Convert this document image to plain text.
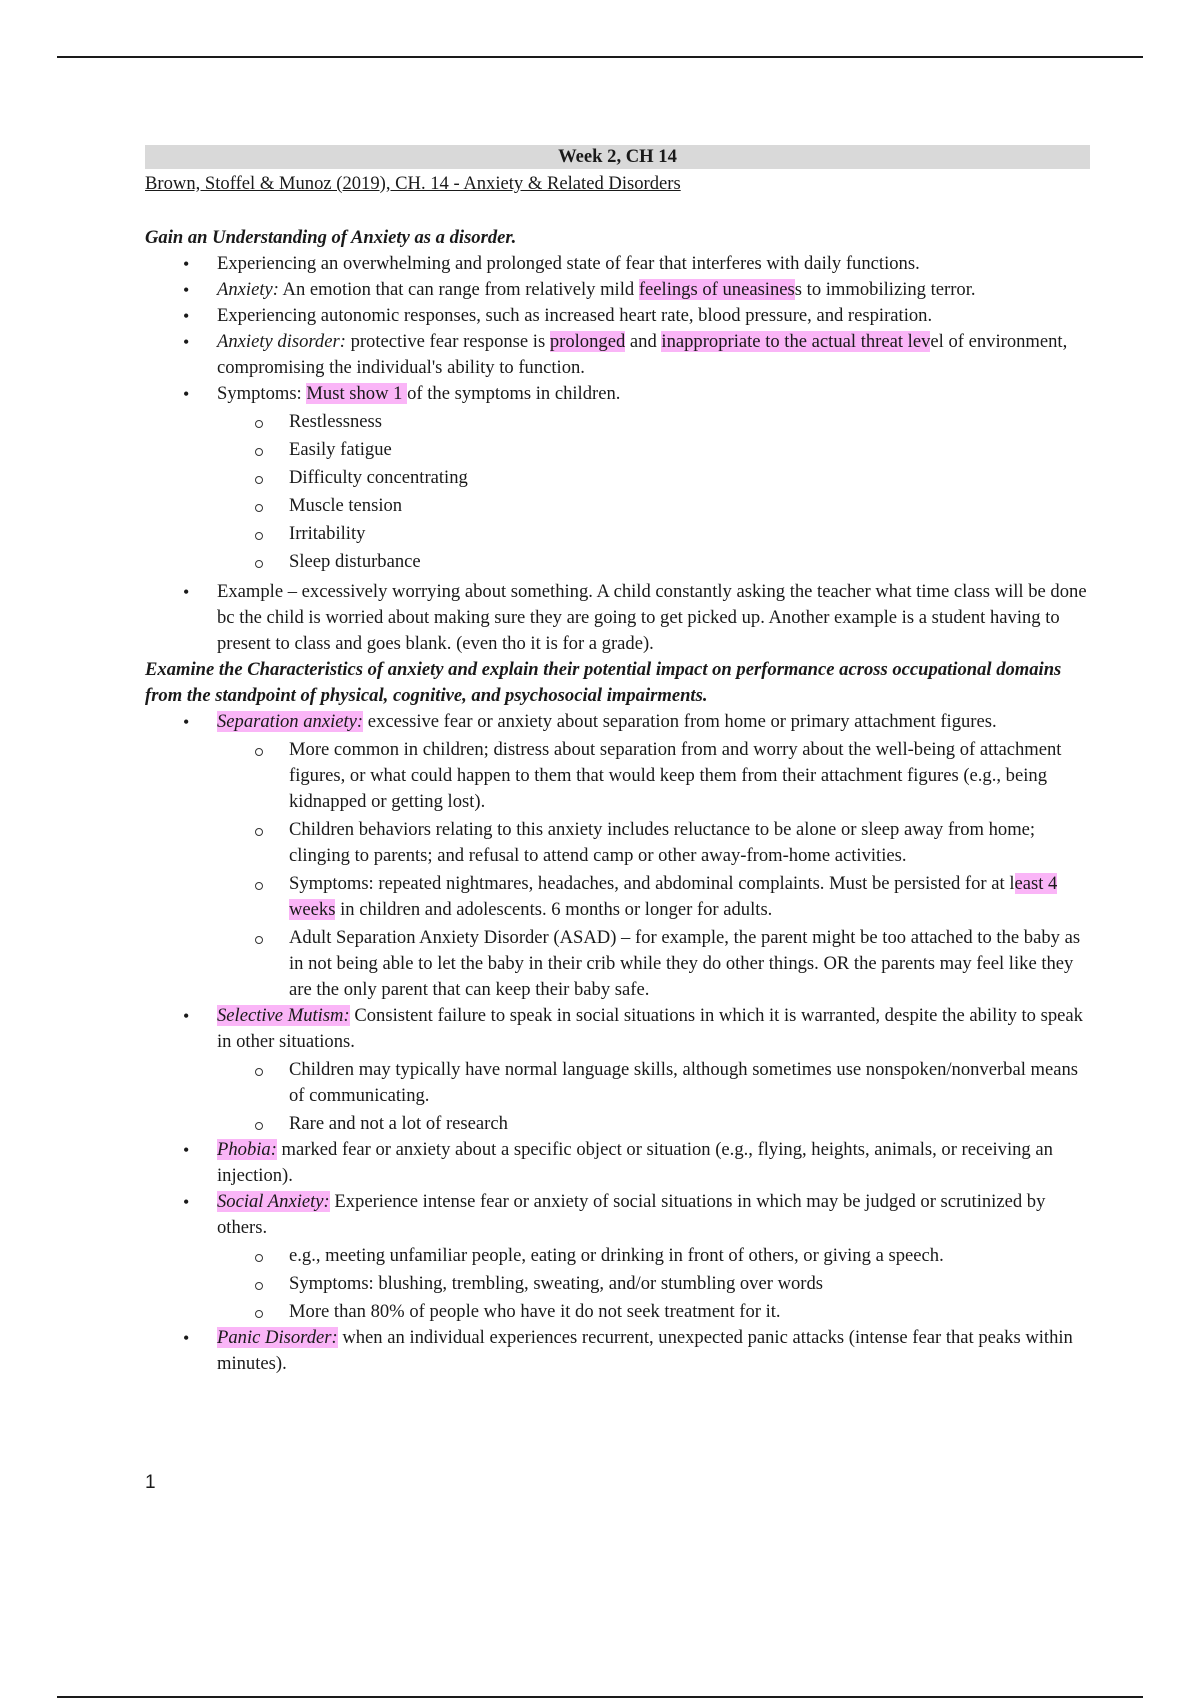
Week 2, CH 14
Brown, Stoffel & Munoz (2019), CH. 14 - Anxiety & Related Disorders
Gain an Understanding of Anxiety as a disorder.
• Experiencing an overwhelming and prolonged state of fear that interferes with daily functions.
• Anxiety: An emotion that can range from relatively mild feelings of uneasiness to immobilizing terror.
• Experiencing autonomic responses, such as increased heart rate, blood pressure, and respiration.
• Anxiety disorder: protective fear response is prolonged and inappropriate to the actual threat level of environment, compromising the individual's ability to function.
• Symptoms: Must show 1 of the symptoms in children.
Restlessness
Easily fatigue
Difficulty concentrating
Muscle tension
Irritability
Sleep disturbance
• Example – excessively worrying about something. A child constantly asking the teacher what time class will be done bc the child is worried about making sure they are going to get picked up. Another example is a student having to present to class and goes blank. (even tho it is for a grade).
Examine the Characteristics of anxiety and explain their potential impact on performance across occupational domains from the standpoint of physical, cognitive, and psychosocial impairments.
• Separation anxiety: excessive fear or anxiety about separation from home or primary attachment figures.
More common in children; distress about separation from and worry about the well-being of attachment figures, or what could happen to them that would keep them from their attachment figures (e.g., being kidnapped or getting lost).
Children behaviors relating to this anxiety includes reluctance to be alone or sleep away from home; clinging to parents; and refusal to attend camp or other away-from-home activities.
Symptoms: repeated nightmares, headaches, and abdominal complaints. Must be persisted for at least 4 weeks in children and adolescents. 6 months or longer for adults.
Adult Separation Anxiety Disorder (ASAD) – for example, the parent might be too attached to the baby as in not being able to let the baby in their crib while they do other things. OR the parents may feel like they are the only parent that can keep their baby safe.
• Selective Mutism: Consistent failure to speak in social situations in which it is warranted, despite the ability to speak in other situations.
Children may typically have normal language skills, although sometimes use nonspoken/nonverbal means of communicating.
Rare and not a lot of research
• Phobia: marked fear or anxiety about a specific object or situation (e.g., flying, heights, animals, or receiving an injection).
• Social Anxiety: Experience intense fear or anxiety of social situations in which may be judged or scrutinized by others.
e.g., meeting unfamiliar people, eating or drinking in front of others, or giving a speech.
Symptoms: blushing, trembling, sweating, and/or stumbling over words
More than 80% of people who have it do not seek treatment for it.
• Panic Disorder: when an individual experiences recurrent, unexpected panic attacks (intense fear that peaks within minutes).
1
